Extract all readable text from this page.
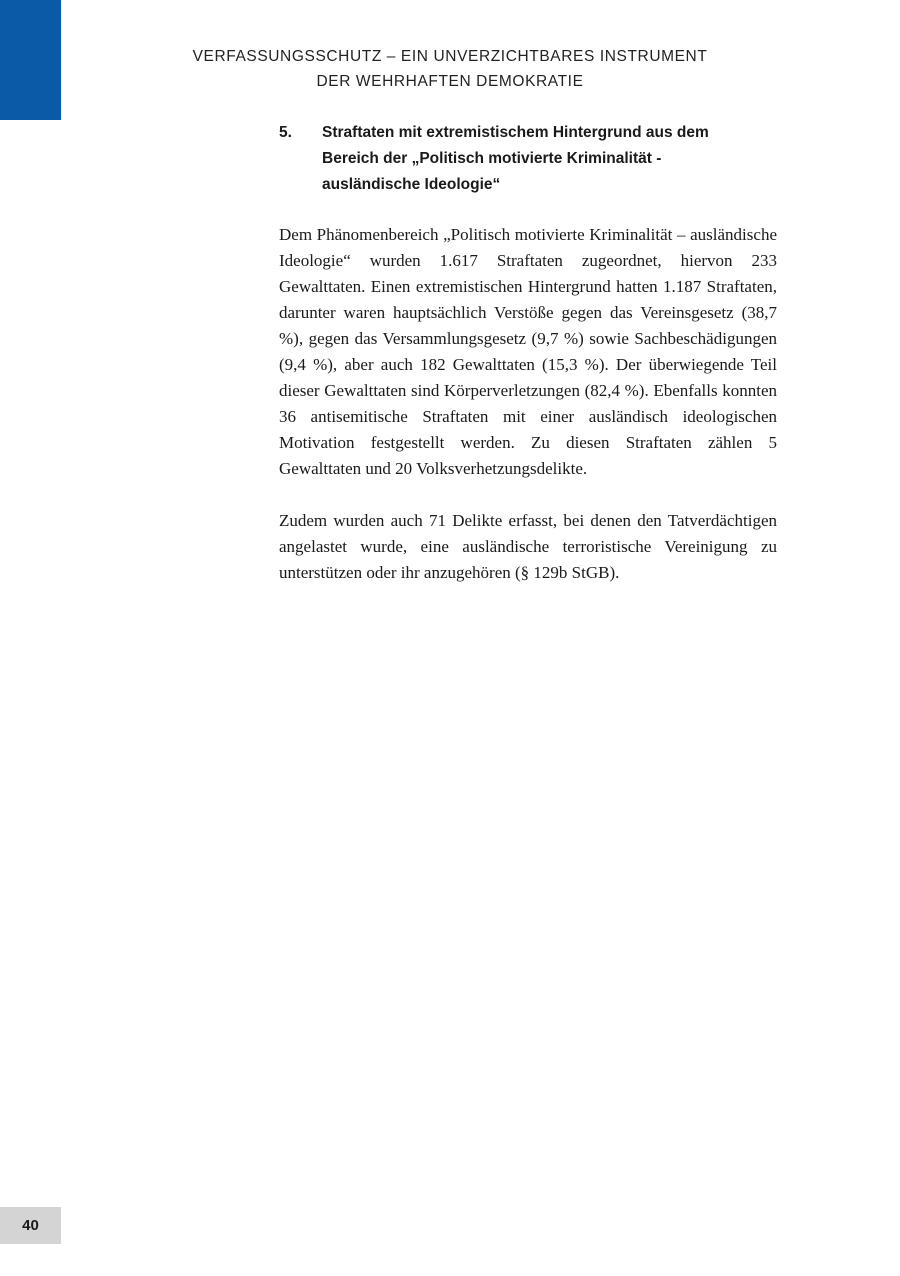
VERFASSUNGSSCHUTZ – EIN UNVERZICHTBARES INSTRUMENT
DER WEHRHAFTEN DEMOKRATIE
5. Straftaten mit extremistischem Hintergrund aus dem Bereich der „Politisch motivierte Kriminalität - ausländische Ideologie“

Dem Phänomenbereich „Politisch motivierte Kriminalität – ausländische Ideologie“ wurden 1.617 Straftaten zugeordnet, hiervon 233 Gewalttaten. Einen extremistischen Hintergrund hatten 1.187 Straftaten, darunter waren hauptsächlich Verstöße gegen das Vereinsgesetz (38,7 %), gegen das Versammlungsgesetz (9,7 %) sowie Sachbeschädigungen (9,4 %), aber auch 182 Gewalttaten (15,3 %). Der überwiegende Teil dieser Gewalttaten sind Körperverletzungen (82,4 %). Ebenfalls konnten 36 antisemitische Straftaten mit einer ausländisch ideologischen Motivation festgestellt werden. Zu diesen Straftaten zählen 5 Gewalttaten und 20 Volksverhetzungsdelikte.

Zudem wurden auch 71 Delikte erfasst, bei denen den Tatverdächtigen angelastet wurde, eine ausländische terroristische Vereinigung zu unterstützen oder ihr anzugehören (§ 129b StGB).

40
